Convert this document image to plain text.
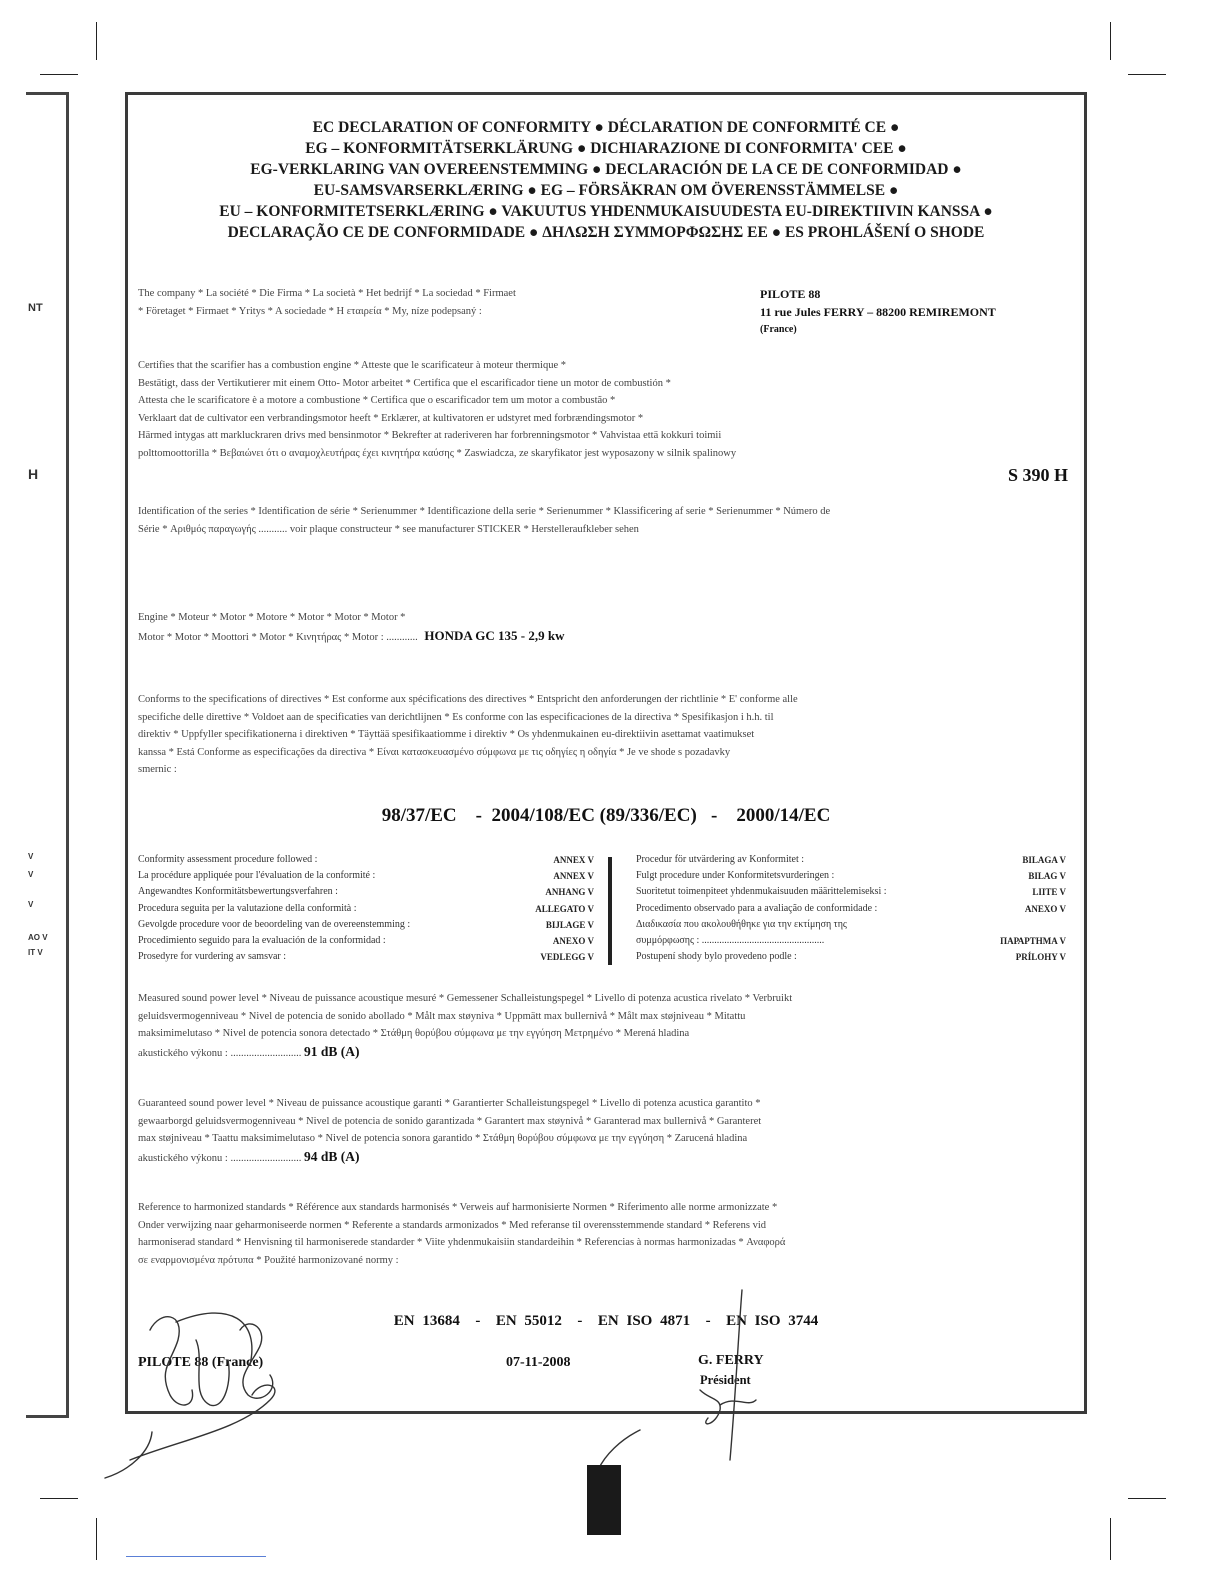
NT
H
V
V
V
AO V
IT V
EC DECLARATION OF CONFORMITY ● DÉCLARATION DE CONFORMITÉ CE ●
EG – KONFORMITÄTSERKLÄRUNG ● DICHIARAZIONE DI CONFORMITA' CEE ●
EG-VERKLARING VAN OVEREENSTEMMING ● DECLARACIÓN DE LA CE DE CONFORMIDAD ●
EU-SAMSVARSERKLÆRING ● EG – FÖRSÄKRAN OM ÖVERENSSTÄMMELSE ●
EU – KONFORMITETSERKLÆRING ● VAKUUTUS YHDENMUKAISUUDESTA EU-DIREKTIIVIN KANSSA ●
DECLARAÇÃO CE DE CONFORMIDADE ● ΔΗΛΩΣΗ ΣΥΜΜΟΡΦΩΣΗΣ ΕΕ ● ES PROHLÁŠENÍ O SHODE
The company * La société * Die Firma * La società * Het bedrijf * La sociedad * Firmaet
* Företaget * Firmaet * Yritys * A sociedade * Η εταιρεία * My, níze podepsaný :
PILOTE 88
11 rue Jules FERRY – 88200 REMIREMONT
(France)
Certifies that the scarifier has a combustion engine * Atteste que le scarificateur à moteur thermique *
Bestätigt, dass der Vertikutierer mit einem Otto- Motor arbeitet * Certifica que el escarificador tiene un motor de combustión *
Attesta che le scarificatore è a motore a combustione * Certifica que o escarificador tem um motor a combustão *
Verklaart dat de cultivator een verbrandingsmotor heeft * Erklærer, at kultivatoren er udstyret med forbrændingsmotor *
Härmed intygas att markluckraren drivs med bensinmotor * Bekrefter at raderiveren har forbrenningsmotor * Vahvistaa että kokkuri toimii
polttomoottorilla * Βεβαιώνει ότι ο αναμοχλευτήρας έχει κινητήρα καύσης * Zaswiadcza, ze skaryfikator jest wyposazony w silnik spalinowy
S 390 H
Identification of the series * Identification de série * Serienummer * Identificazione della serie * Serienummer * Klassificering af serie * Serienummer * Número de
Série * Αριθμός παραγωγής ........... voir plaque constructeur * see manufacturer STICKER * Herstelleraufkleber sehen
Engine * Moteur * Motor * Motore * Motor * Motor * Motor *
Motor * Motor * Moottori * Motor * Κινητήρας * Motor : ............ HONDA GC 135 - 2,9 kw
Conforms to the specifications of directives * Est conforme aux spécifications des directives * Entspricht den anforderungen der richtlinie * E' conforme alle
specifiche delle direttive * Voldoet aan de specificaties van derichtlijnen * Es conforme con las especificaciones de la directiva * Spesifikasjon i h.h. til
direktiv * Uppfyller specifikationerna i direktiven * Täyttää spesifikaatiomme i direktiv * Os yhdenmukainen eu-direktiivin asettamat vaatimukset
kanssa * Está Conforme as especificações da directiva * Είναι κατασκευασμένο σύμφωνα με τις οδηγίες η οδηγία * Je ve shode s pozadavky
smernic :
98/37/EC    -  2004/108/EC (89/336/EC)   -    2000/14/EC
Conformity assessment procedure followed :	ANNEX V
La procédure appliquée pour l'évaluation de la conformité :	ANNEX V
Angewandtes Konformitätsbewertungsverfahren :	ANHANG V
Procedura seguita per la valutazione della conformità :	ALLEGATO V
Gevolgde procedure voor de beoordeling van de overeenstemming :	BIJLAGE V
Procedimiento seguido para la evaluación de la conformidad :	ANEXO V
Prosedyre for vurdering av samsvar :	VEDLEGG V
Procedur för utvärdering av Konformitet :	BILAGA V
Fulgt procedure under Konformitetsvurderingen :	BILAG V
Suoritetut toimenpiteet yhdenmukaisuuden määrittelemiseksi :	LIITE V
Procedimento observado para a avaliação de conformidade :	ANEXO V
Διαδικασία που ακολουθήθηκε για την εκτίμηση της
συμμόρφωσης : .................................................	ΠΑΡΑΡΤΗΜΑ V
Postupení shody bylo provedeno podle :	PRÍLOHY V
Measured sound power level * Niveau de puissance acoustique mesuré * Gemessener Schalleistungspegel * Livello di potenza acustica rivelato * Verbruikt
geluidsvermogenniveau * Nivel de potencia de sonido abollado * Målt max støyniva * Uppmätt max bullernivå * Målt max støjniveau * Mitattu
maksimimelutaso * Nivel de potencia sonora detectado * Στάθμη θορύβου σύμφωνα με την εγγύηση Μετρημένο * Merená hladina
akustického výkonu : ........................... 91 dB (A)
Guaranteed sound power level * Niveau de puissance acoustique garanti * Garantierter Schalleistungspegel * Livello di potenza acustica garantito *
gewaarborgd geluidsvermogenniveau * Nivel de potencia de sonido garantizada * Garantert max støynivå * Garanterad max bullernivå * Garanteret
max støjniveau * Taattu maksimimelutaso * Nivel de potencia sonora garantido * Στάθμη θορύβου σύμφωνα με την εγγύηση * Zarucená hladina
akustického výkonu : ........................... 94 dB (A)
Reference to harmonized standards * Référence aux standards harmonisés * Verweis auf harmonisierte Normen * Riferimento alle norme armonizzate *
Onder verwijzing naar geharmoniseerde normen * Referente a standards armonizados * Med referanse til overensstemmende standard * Referens vid
harmoniserad standard * Henvisning til harmoniserede standarder * Viite yhdenmukaisiin standardeihin * Referencias à normas harmonizadas * Αναφορά
σε εναρμονισμένα πρότυπα * Použité harmonizované normy :
EN 13684  -  EN 55012  -  EN ISO 4871  -  EN ISO 3744
PILOTE 88 (France)	07-11-2008	G. FERRY
Président
